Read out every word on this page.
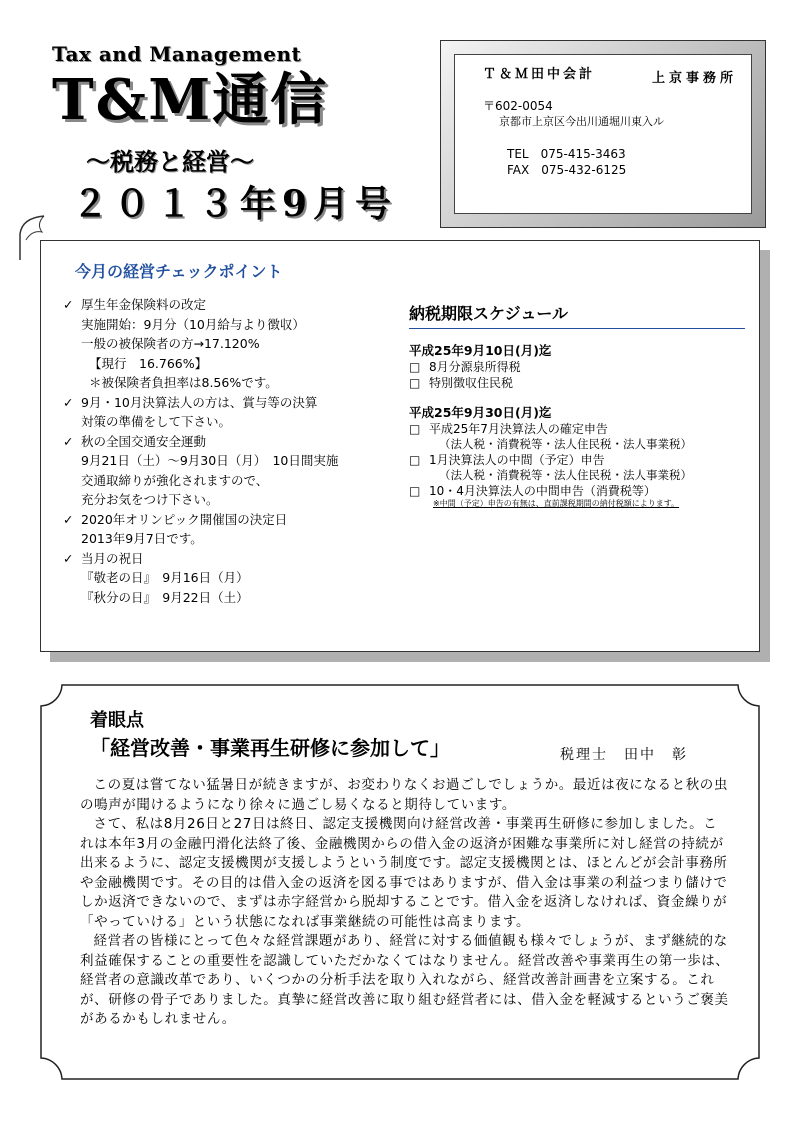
Tax and Management
T&M通信
～税務と経営～
２０１３年9月号
Ｔ＆Ｍ田中会計	上京事務所
〒602-0054
京都市上京区今出川通堀川東入ル
TEL　075-415-3463
FAX　075-432-6125
今月の経営チェックポイント
✓ 厚生年金保険料の改定
実施開始：9月分（10月給与より徴収）
一般の被保険者の方→17.120%
【現行　16.766%】
＊被保険者負担率は8.56%です。
✓ 9月・10月決算法人の方は、賞与等の決算
対策の準備をして下さい。
✓ 秋の全国交通安全運動
9月21日（土）～9月30日（月）　10日間実施
交通取締りが強化されますので、
充分お気をつけ下さい。
✓ 2020年オリンピック開催国の決定日
2013年9月7日です。
✓ 当月の祝日
『敬老の日』　9月16日（月）
『秋分の日』　9月22日（土）
納税期限スケジュール
平成25年9月10日(月)迄
□ 8月分源泉所得税
□ 特別徴収住民税
平成25年9月30日(月)迄
□ 平成25年7月決算法人の確定申告
（法人税・消費税等・法人住民税・法人事業税）
□ 1月決算法人の中間（予定）申告
（法人税・消費税等・法人住民税・法人事業税）
□ 10・4月決算法人の中間申告（消費税等）
※中間（予定）申告の有無は、直前課税期間の納付税額によります。
着眼点
「経営改善・事業再生研修に参加して」	税理士　田中　彰

この夏は嘗てない猛暑日が続きますが、お変わりなくお過ごしでしょうか。最近は夜になると秋の虫の鳴声が聞けるようになり徐々に過ごし易くなると期待しています。

さて、私は8月26日と27日は終日、認定支援機関向け経営改善・事業再生研修に参加しました。これは本年3月の金融円滑化法終了後、金融機関からの借入金の返済が困難な事業所に対し経営の持続が出来るように、認定支援機関が支援しようという制度です。認定支援機関とは、ほとんどが会計事務所や金融機関です。その目的は借入金の返済を図る事ではありますが、借入金は事業の利益つまり儲けでしか返済できないので、まずは赤字経営から脱却することです。借入金を返済しなければ、資金繰りが「やっていける」という状態になれば事業継続の可能性は高まります。

経営者の皆様にとって色々な経営課題があり、経営に対する価値観も様々でしょうが、まず継続的な利益確保することの重要性を認識していただかなくてはなりません。経営改善や事業再生の第一歩は、経営者の意識改革であり、いくつかの分析手法を取り入れながら、経営改善計画書を立案する。これが、研修の骨子でありました。真摯に経営改善に取り組む経営者には、借入金を軽減するというご褒美があるかもしれません。
